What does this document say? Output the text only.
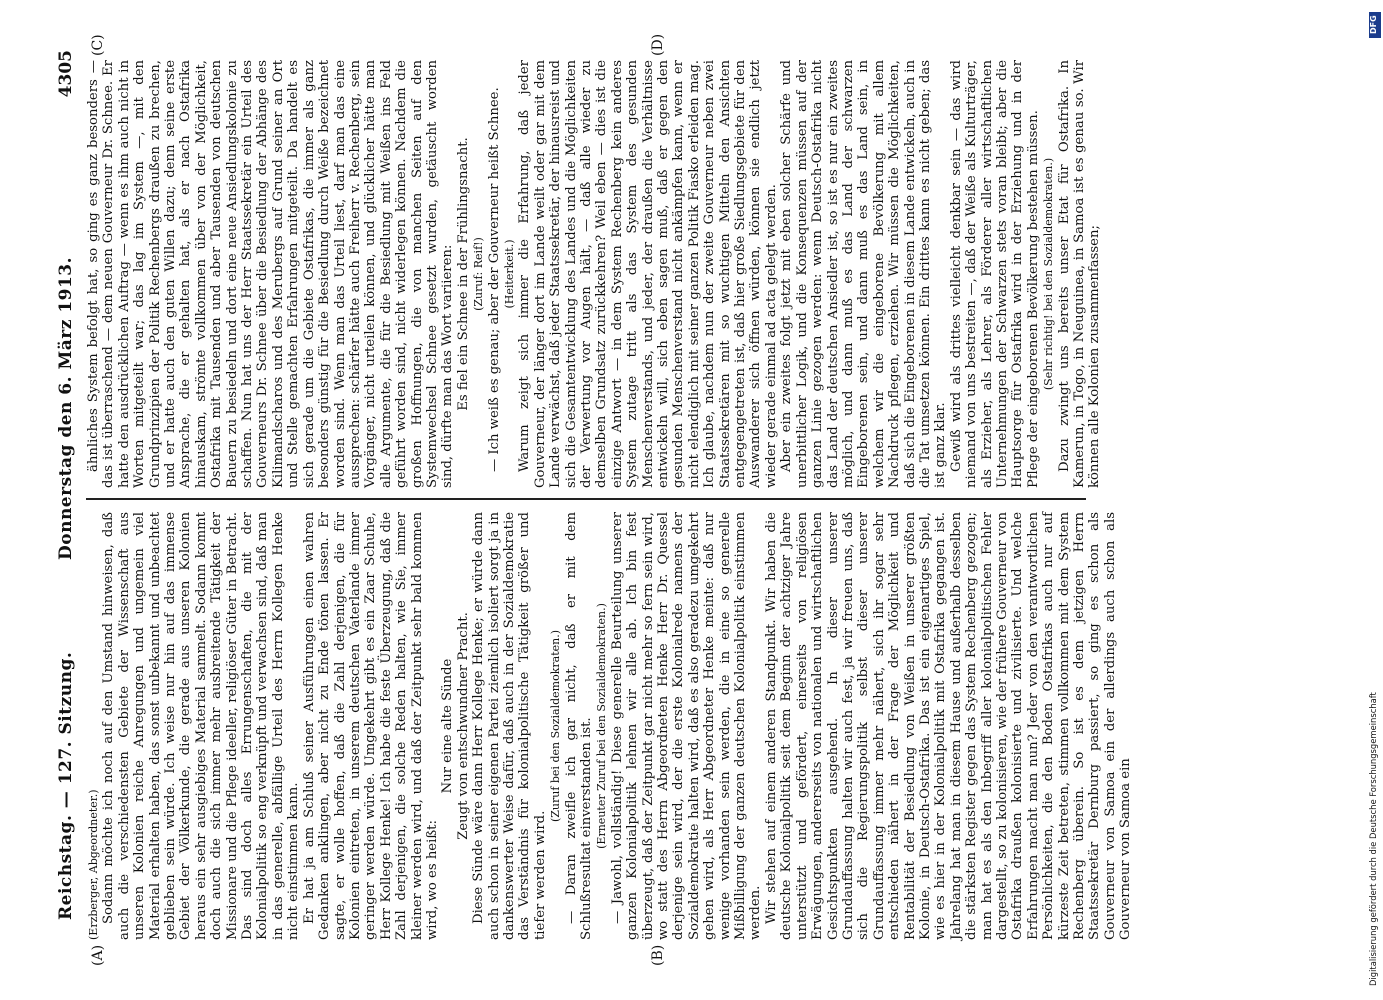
Reichstag. — 127. Sitzung.
Donnerstag den 6. März 1913.
4305
(A)	(B)
(C)	(D)

(Erzberger, Abgeordneter.) Sodann möchte ich noch auf den Umstand hinweisen, daß auch die verschiedensten Gebiete der Wissenschaft aus unseren Kolonien reiche Anregungen und ungemein viel Material erhalten haben, das sonst unbekannt und unbeachtet geblieben sein würde. Ich weise nur hin auf das immense Gebiet der Völkerkunde, die gerade aus unseren Kolonien heraus ein sehr ausgiebiges Material sammelt. Sodann kommt doch auch die sich immer mehr ausbreitende Tätigkeit der Missionare und die Pflege ideeller, religiöser Güter in Betracht. Das sind doch alles Errungenschaften, die mit der Kolonialpolitik so eng verknüpft und verwachsen sind, daß man in das generelle, abfällige Urteil des Herrn Kollegen Henke nicht einstimmen kann. Er hat ja am Schluß seiner Ausführungen einen wahren Gedanken anklingen, aber nicht zu Ende tönen lassen. Er sagte, er wolle hoffen, daß die Zahl derjenigen, die für Kolonien eintreten, in unserem deutschen Vaterlande immer geringer werden würde. Umgekehrt gibt es ein Zaar Schuhe, Herr Kollege Henke! Ich habe die feste Überzeugung, daß die Zahl derjenigen, die solche Reden halten, wie Sie, immer kleiner werden wird, und daß der Zeitpunkt sehr bald kommen wird, wo es heißt:

Nur eine alte Sünde Zeugt von entschwundner Pracht. Diese Sünde wäre dann Herr Kollege Henke; er würde dann auch schon in seiner eigenen Partei ziemlich isoliert sorgt ja in dankenswerter Weise dafür, daß auch in der Sozialdemokratie das Verständnis für kolonialpolitische Tätigkeit größer und tiefer werden wird.

(Zuruf bei den Sozialdemokraten.) — Daran zweifle ich gar nicht, daß er mit dem Schlußresultat einverstanden ist. (Erneuter Zuruf bei den Sozialdemokraten.) — Jawohl, vollständig! Diese generelle Beurteilung unserer ganzen Kolonialpolitik lehnen wir alle ab. Ich bin fest überzeugt, daß der Zeitpunkt gar nicht mehr so fern sein wird, wo statt des Herrn Abgeordneten Henke Herr Dr. Quessel derjenige sein wird, der die erste Kolonialrede namens der Sozialdemokratie halten wird, daß es also geradezu umgekehrt gehen wird, als Herr Abgeordneter Henke meinte: daß nur wenige vorhanden sein werden, die in eine so generelle Mißbilligung der ganzen deutschen Kolonialpolitik einstimmen werden. Wir stehen auf einem anderen Standpunkt. Wir haben die deutsche Kolonialpolitik seit dem Beginn der achtziger Jahre unterstützt und gefördert, einerseits von religiösen Erwägungen, andererseits von nationalen und wirtschaftlichen Gesichtspunkten ausgehend. In dieser unserer Grundauffassung halten wir auch fest, ja wir freuen uns, daß sich die Regierungspolitik selbst dieser unserer Grundauffassung immer mehr nähert, sich ihr sogar sehr entschieden nähert in der Frage der Möglichkeit und Rentabilität der Besiedlung von Weißen in unserer größten Kolonie, in Deutsch-Ostafrika. Das ist ein eigenartiges Spiel, wie es hier in der Kolonialpolitik mit Ostafrika gegangen ist. Jahrelang hat man in diesem Hause und außerhalb desselben die stärksten Register gegen das System Rechenberg gezogen; man hat es als den Inbegriff aller kolonialpolitischen Fehler dargestellt, so zu kolonisieren, wie der frühere Gouverneur von Ostafrika draußen kolonisierte und zivilisierte. Und welche Erfahrungen macht man nun? Jeder von den verantwortlichen Persönlichkeiten, die den Boden Ostafrikas auch nur auf kürzeste Zeit betreten, stimmen vollkommen mit dem System Rechenberg überein. So ist es dem jetzigen Herrn Staatssekretär Dernburg passiert, so ging es schon als Gouverneur von Samoa ein der allerdings auch schon als Gouverneur von Samoa ein

ähnliches System befolgt hat, so ging es ganz besonders — das ist überraschend — dem neuen Gouverneur Dr. Schnee. Er hatte den ausdrücklichen Auftrag — wenn es ihm auch nicht in Worten mitgeteilt war; das lag im System —, mit den Grundprinzipien der Politik Rechenbergs draußen zu brechen, und er hatte auch den guten Willen dazu; denn seine erste Ansprache, die er gehalten hat, als er nach Ostafrika hinauskam, strömte vollkommen über von der Möglichkeit, Ostafrika mit Tausenden und aber Tausenden von deutschen Bauern zu besiedeln und dort eine neue Ansiedlungskolonie zu schaffen. Nun hat uns der Herr Staatssekretär ein Urteil des Gouverneurs Dr. Schnee über die Besiedlung der Abhänge des Kilimandscharos und des Merubergs auf Grund seiner an Ort und Stelle gemachten Erfahrungen mitgeteilt. Da handelt es sich gerade um die Gebiete Ostafrikas, die immer als ganz besonders günstig für die Besiedlung durch Weiße bezeichnet worden sind. Wenn man das Urteil liest, darf man das eine aussprechen: schärfer hätte auch Freiherr v. Rechenberg, sein Vorgänger, nicht urteilen können, und glücklicher hätte man alle Argumente, die für die Besiedlung mit Weißen ins Feld geführt worden sind, nicht widerlegen können. Nachdem die großen Hoffnungen, die von manchen Seiten auf den Systemwechsel Schnee gesetzt wurden, getäuscht worden sind, dürfte man das Wort variieren: Es fiel ein Schnee in der Frühlingsnacht. (Zuruf: Reif!) — Ich weiß es genau; aber der Gouverneur heißt Schnee. (Heiterkeit.) Warum zeigt sich immer die Erfahrung, daß jeder Gouverneur, der länger dort im Lande weilt oder gar mit dem Lande verwächst, daß jeder Staatssekretär, der hinausreist und sich die Gesamtentwicklung des Landes und die Möglichkeiten der Verwertung vor Augen hält, — daß alle wieder zu demselben Grundsatz zurückkehren? Weil eben — dies ist die einzige Antwort — in dem System Rechenberg kein anderes System zutage tritt als das System des gesunden Menschenverstands, und jeder, der draußen die Verhältnisse entwickeln will, sich eben sagen muß, daß er gegen den gesunden Menschenverstand nicht ankämpfen kann, wenn er nicht elendiglich mit seiner ganzen Politik Fiasko erleiden mag. Ich glaube, nachdem nun der zweite Gouverneur neben zwei Staatssekretären mit so wuchtigen Mitteln den Ansichten entgegengetreten ist, daß hier große Siedlungsgebiete für den Auswanderer sich öffnen würden, können sie endlich jetzt wieder gerade einmal ad acta gelegt werden. Aber ein zweites folgt jetzt mit eben solcher Schärfe und unerbittlicher Logik, und die Konsequenzen müssen auf der ganzen Linie gezogen werden: wenn Deutsch-Ostafrika nicht das Land der deutschen Ansiedler ist, so ist es nur ein zweites möglich, und dann muß es das Land der schwarzen Eingeborenen sein, und dann muß es das Land sein, in welchem wir die eingeborene Bevölkerung mit allem Nachdruck pflegen, erziehen. Wir müssen die Möglichkeiten, daß sich die Eingeborenen in diesem Lande entwickeln, auch in die Tat umsetzen können. Ein drittes kann es nicht geben; das ist ganz klar. Gewiß wird als drittes vielleicht denkbar sein — das wird niemand von uns bestreiten —, daß der Weiße als Kulturträger, als Erzieher, als Lehrer, als Förderer aller wirtschaftlichen Unternehmungen der Schwarzen stets voran bleibt; aber die Hauptsorge für Ostafrika wird in der Erziehung und in der Pflege der eingeborenen Bevölkerung bestehen müssen. (Sehr richtig! bei den Sozialdemokraten.) Dazu zwingt uns bereits unser Etat für Ostafrika. In Kamerun, in Togo, in Neuguinea, in Samoa ist es genau so. Wir können alle Kolonien zusammenfassen;

DFG
Digitalisierung gefördert durch die Deutsche Forschungsgemeinschaft
